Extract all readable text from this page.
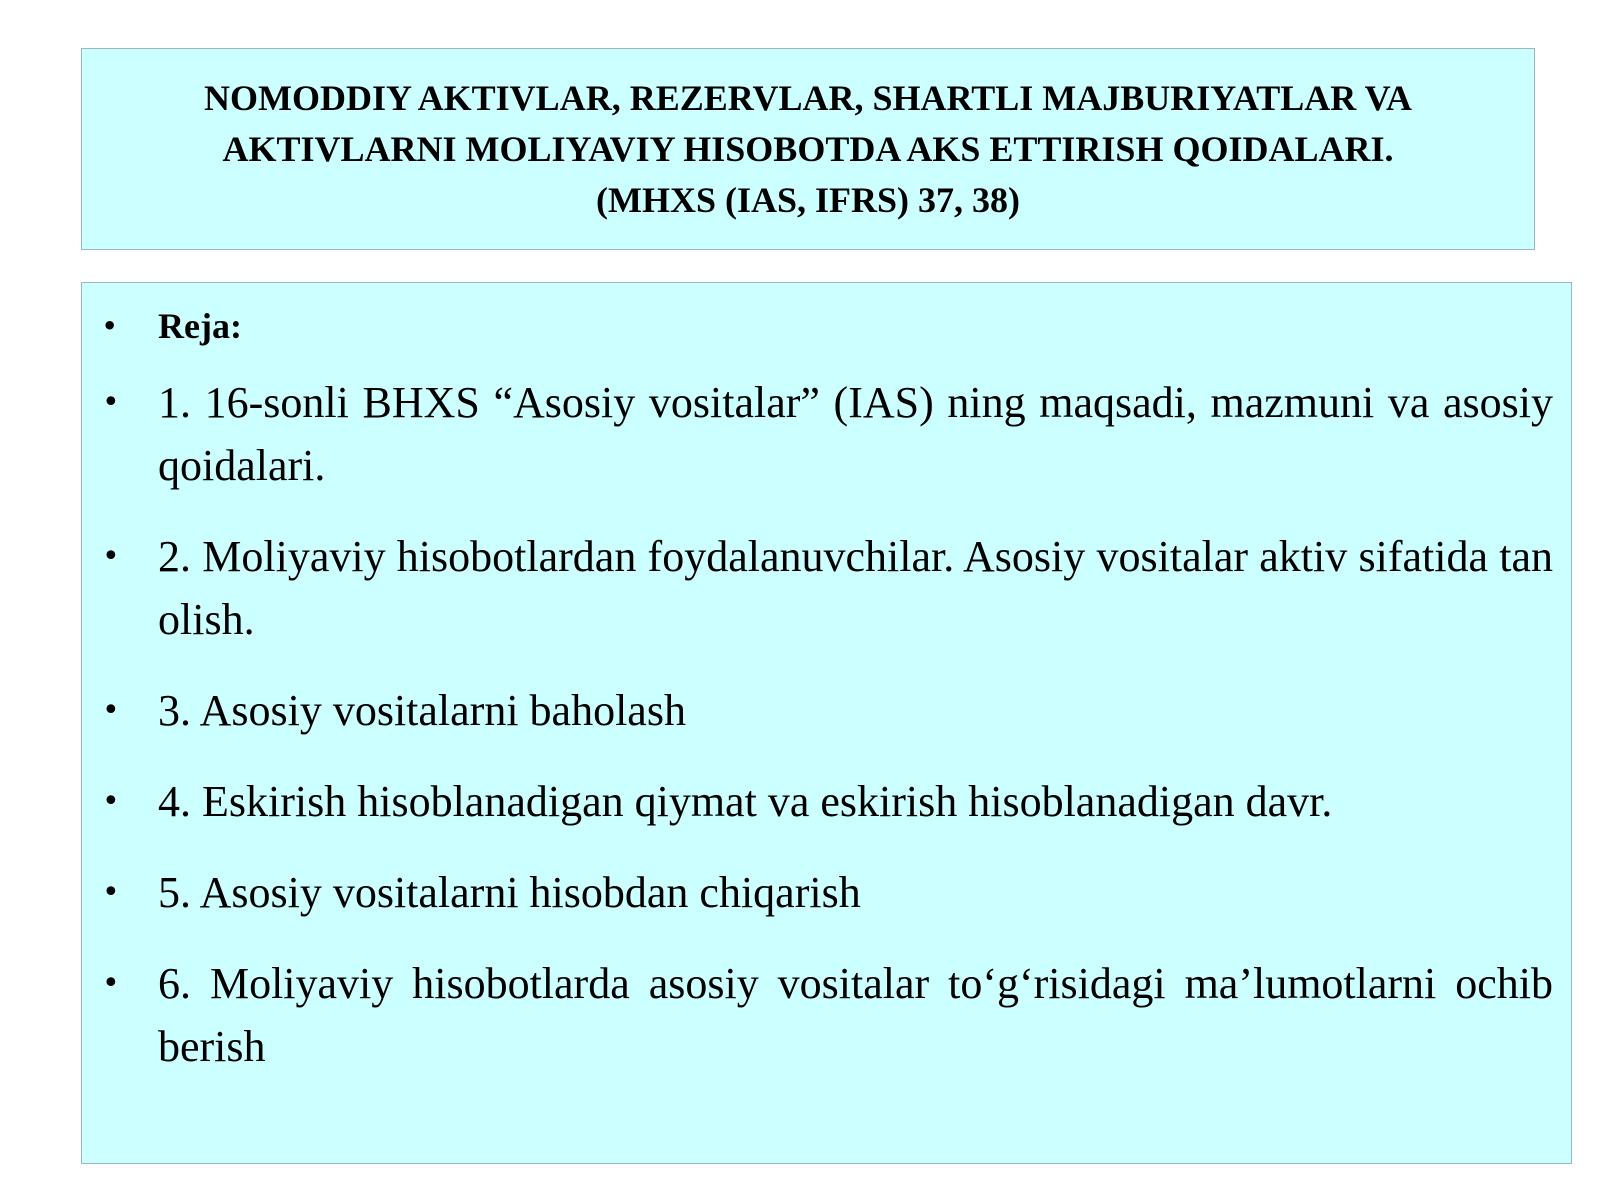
NOMODDIY AKTIVLAR, REZERVLAR, SHARTLI MAJBURIYATLAR VA
AKTIVLARNI MOLIYAVIY HISOBOTDA AKS ETTIRISH QOIDALARI.
(MHXS (IAS, IFRS) 37, 38)
• Reja:
• 1. 16-sonli BHXS “Asosiy vositalar” (IAS) ning maqsadi, mazmuni va asosiy qoidalari.
• 2. Moliyaviy hisobotlardan foydalanuvchilar. Asosiy vositalar aktiv sifatida tan olish.
• 3. Asosiy vositalarni baholash
• 4. Eskirish hisoblanadigan qiymat va eskirish hisoblanadigan davr.
• 5. Asosiy vositalarni hisobdan chiqarish
• 6. Moliyaviy hisobotlarda asosiy vositalar to‘g‘risidagi ma’lumotlarni ochib berish
